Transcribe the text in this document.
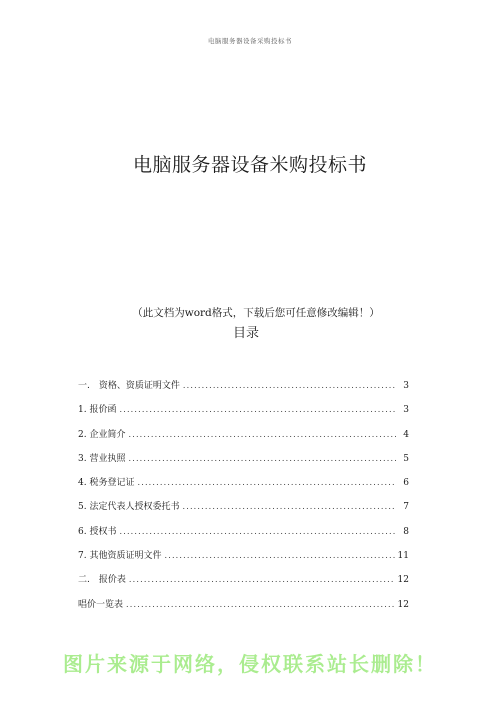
电脑服务器设备采购投标书
电脑服务器设备米购投标书
（此文档为word格式，下载后您可任意修改编辑！）
目录
一.　资格、资质证明文件 .....	3
1. 报价函 .....	3
2. 企业简介 .....	4
3. 营业执照 .....	5
4. 税务登记证 .....	6
5. 法定代表人授权委托书 .....	7
6. 授权书 .....	8
7. 其他资质证明文件 .....	11
二.　报价表 .....	12
唱价一览表 .....	12
图片来源于网络，侵权联系站长删除！
